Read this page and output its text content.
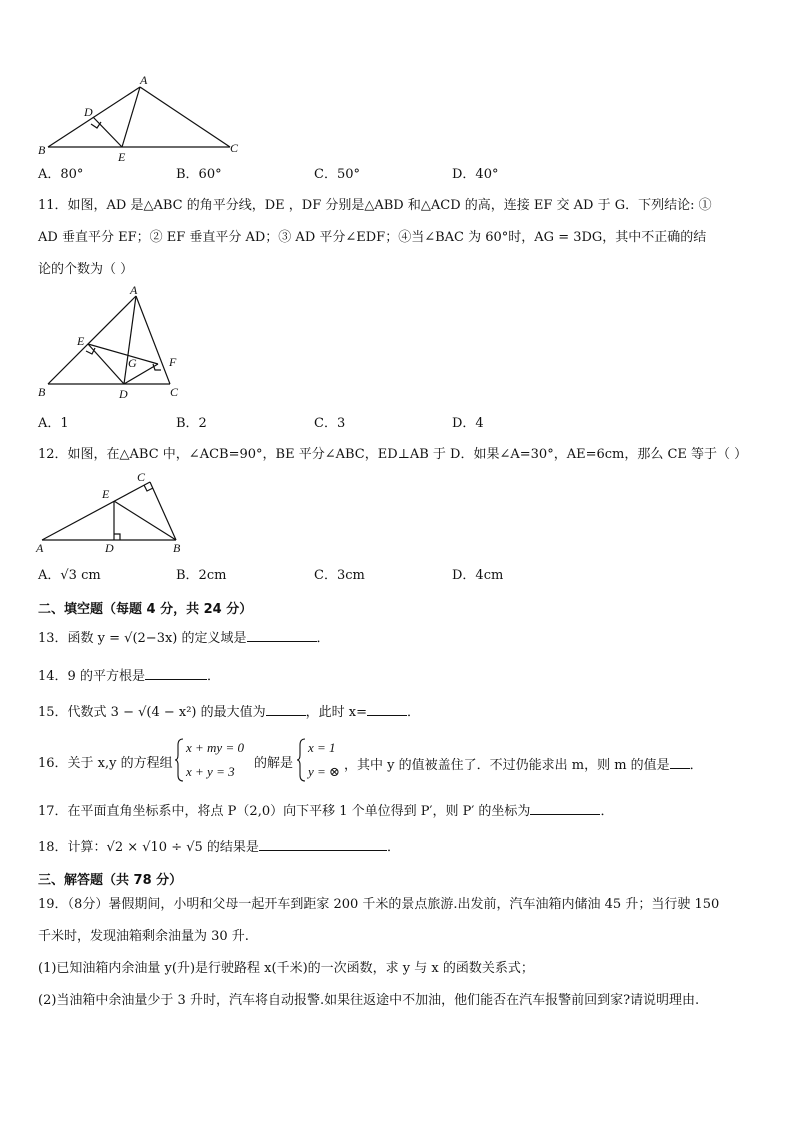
A
B	C
D
E
A．80°	B．60°	C．50°	D．40°
11．如图，AD 是△ABC 的角平分线，DE ，DF 分别是△ABD 和△ACD 的高，连接 EF 交 AD 于 G．下列结论: ①
AD 垂直平分 EF；② EF 垂直平分 AD；③ AD 平分∠EDF；④当∠BAC 为 60°时，AG = 3DG，其中不正确的结
论的个数为（ ）
A
E
G	F
B	D	C
A．1	B．2	C．3	D．4
12．如图，在△ABC 中，∠ACB=90°，BE 平分∠ABC，ED⊥AB 于 D．如果∠A=30°，AE=6cm，那么 CE 等于（ ）
C
E
A	D	B
A．√3 cm	B．2cm	C．3cm	D．4cm
二、填空题（每题 4 分，共 24 分）
13．函数 y = √(2−3x) 的定义域是	．
14．9 的平方根是	．
15．代数式 3 − √(4 − x²) 的最大值为	，此时 x=	．
16．关于 x,y 的方程组
x + my = 0
x + y = 3
的解是
x = 1
y = ⊗ ，其中 y 的值被盖住了．不过仍能求出 m，则 m 的值是 ．
17．在平面直角坐标系中，将点 P（2,0）向下平移 1 个单位得到 P′，则 P′ 的坐标为	．
18．计算：√2 × √10 ÷ √5 的结果是	．
三、解答题（共 78 分）
19．（8分）暑假期间，小明和父母一起开车到距家 200 千米的景点旅游.出发前，汽车油箱内储油 45 升；当行驶 150
千米时，发现油箱剩余油量为 30 升.
(1)已知油箱内余油量 y(升)是行驶路程 x(千米)的一次函数，求 y 与 x 的函数关系式；
(2)当油箱中余油量少于 3 升时，汽车将自动报警.如果往返途中不加油，他们能否在汽车报警前回到家?请说明理由.
